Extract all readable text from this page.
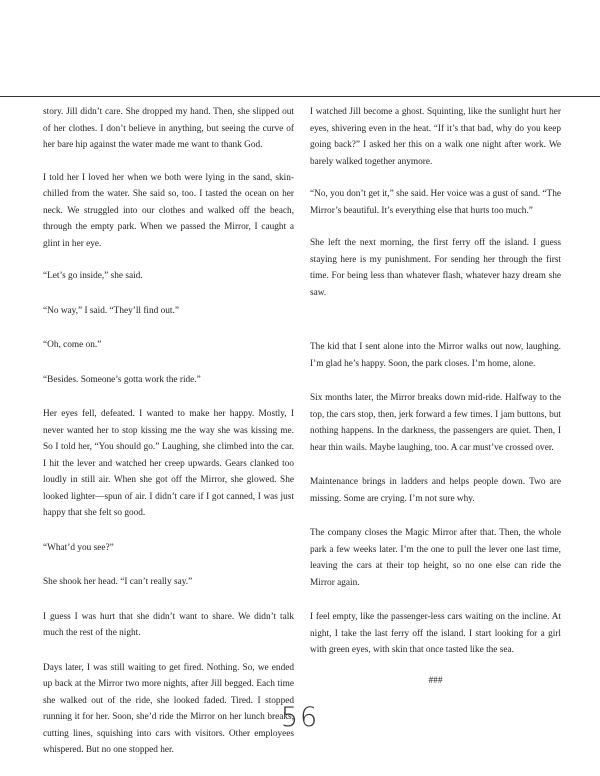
story. Jill didn’t care. She dropped my hand. Then, she slipped out of her clothes. I don’t believe in anything, but seeing the curve of her bare hip against the water made me want to thank God.

I told her I loved her when we both were lying in the sand, skin-chilled from the water. She said so, too. I tasted the ocean on her neck. We struggled into our clothes and walked off the beach, through the empty park. When we passed the Mirror, I caught a glint in her eye.

“Let’s go inside,” she said.

“No way,” I said. “They’ll find out.”

“Oh, come on.”

“Besides. Someone’s gotta work the ride.”

Her eyes fell, defeated. I wanted to make her happy. Mostly, I never wanted her to stop kissing me the way she was kissing me. So I told her, “You should go.” Laughing, she climbed into the car. I hit the lever and watched her creep upwards. Gears clanked too loudly in still air. When she got off the Mirror, she glowed. She looked lighter—spun of air. I didn’t care if I got canned, I was just happy that she felt so good.

“What’d you see?”

She shook her head. “I can’t really say.”

I guess I was hurt that she didn’t want to share. We didn’t talk much the rest of the night.

Days later, I was still waiting to get fired. Nothing. So, we ended up back at the Mirror two more nights, after Jill begged. Each time she walked out of the ride, she looked faded. Tired. I stopped running it for her. Soon, she’d ride the Mirror on her lunch breaks, cutting lines, squishing into cars with visitors. Other employees whispered. But no one stopped her.

I watched Jill become a ghost. Squinting, like the sunlight hurt her eyes, shivering even in the heat. “If it’s that bad, why do you keep going back?” I asked her this on a walk one night after work. We barely walked together anymore.

“No, you don’t get it,” she said. Her voice was a gust of sand. “The Mirror’s beautiful. It’s everything else that hurts too much.”

She left the next morning, the first ferry off the island. I guess staying here is my punishment. For sending her through the first time. For being less than whatever flash, whatever hazy dream she saw.

The kid that I sent alone into the Mirror walks out now, laughing. I’m glad he’s happy. Soon, the park closes. I’m home, alone.

Six months later, the Mirror breaks down mid-ride. Halfway to the top, the cars stop, then, jerk forward a few times. I jam buttons, but nothing happens. In the darkness, the passengers are quiet. Then, I hear thin wails. Maybe laughing, too. A car must’ve crossed over.

Maintenance brings in ladders and helps people down. Two are missing. Some are crying. I’m not sure why.

The company closes the Magic Mirror after that. Then, the whole park a few weeks later. I’m the one to pull the lever one last time, leaving the cars at their top height, so no one else can ride the Mirror again.

I feel empty, like the passenger-less cars waiting on the incline. At night, I take the last ferry off the island. I start looking for a girl with green eyes, with skin that once tasted like the sea.

###

56
